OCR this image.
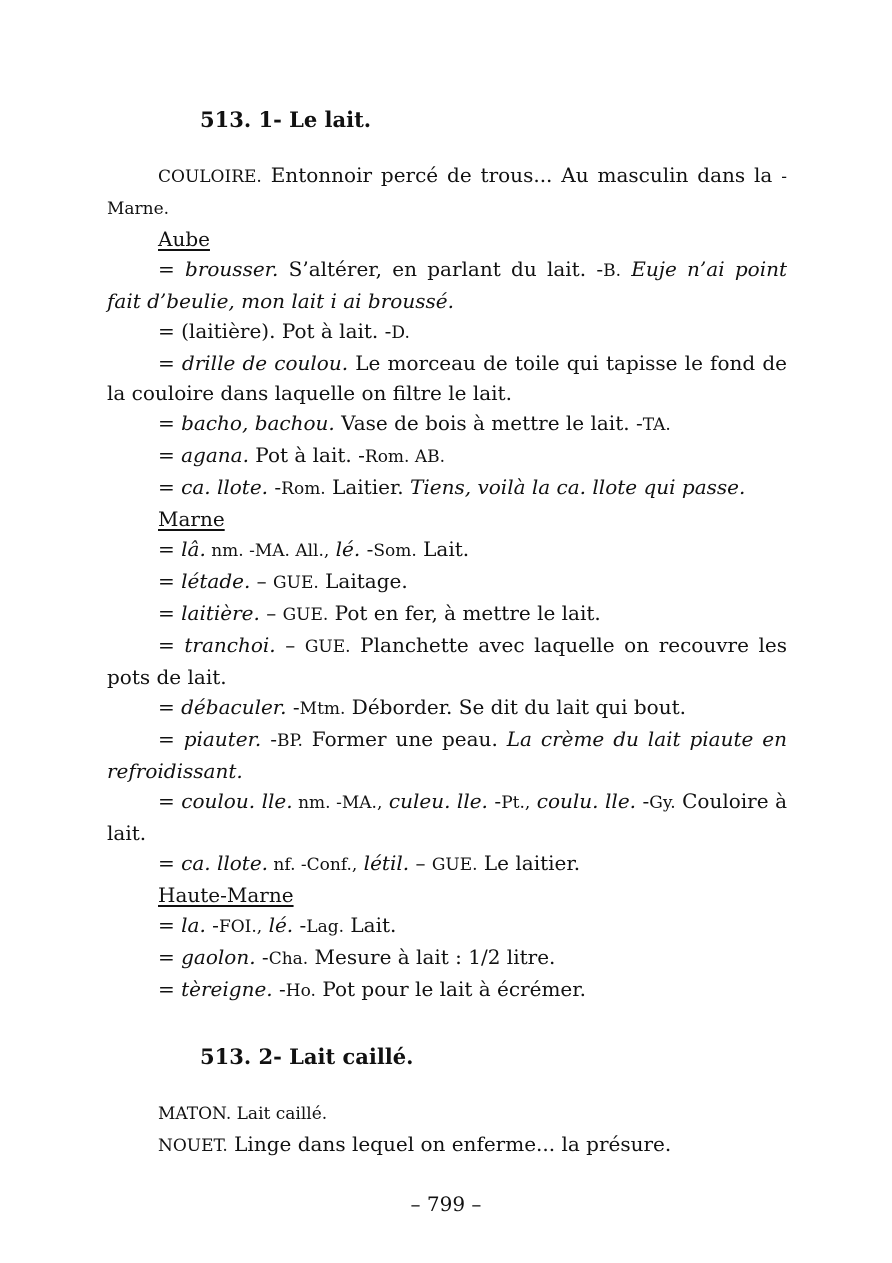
513. 1- Le lait.

COULOIRE. Entonnoir percé de trous... Au masculin dans la -Marne.

Aube

= brousser. S’altérer, en parlant du lait. -B. Euje n’ai point fait d’beulie, mon lait i ai broussé.

= (laitière). Pot à lait. -D.

= drille de coulou. Le morceau de toile qui tapisse le fond de la couloire dans laquelle on filtre le lait.

= bacho, bachou. Vase de bois à mettre le lait. -TA.

= agana. Pot à lait. -Rom. AB.

= ca. llote. -Rom. Laitier. Tiens, voilà la ca. llote qui passe.

Marne

= lâ. nm. -MA. All., lé. -Som. Lait.

= létade. – GUE. Laitage.

= laitière. – GUE. Pot en fer, à mettre le lait.

= tranchoi. – GUE. Planchette avec laquelle on recouvre les pots de lait.

= débaculer. -Mtm. Déborder. Se dit du lait qui bout.

= piauter. -BP. Former une peau. La crème du lait piaute en refroidissant.

= coulou. lle. nm. -MA., culeu. lle. -Pt., coulu. lle. -Gy. Couloire à lait.

= ca. llote. nf. -Conf., létil. – GUE. Le laitier.

Haute-Marne

= la. -FOI., lé. -Lag. Lait.

= gaolon. -Cha. Mesure à lait : 1/2 litre.

= tèreigne. -Ho. Pot pour le lait à écrémer.

513. 2- Lait caillé.

MATON. Lait caillé.

NOUET. Linge dans lequel on enferme... la présure.

– 799 –
